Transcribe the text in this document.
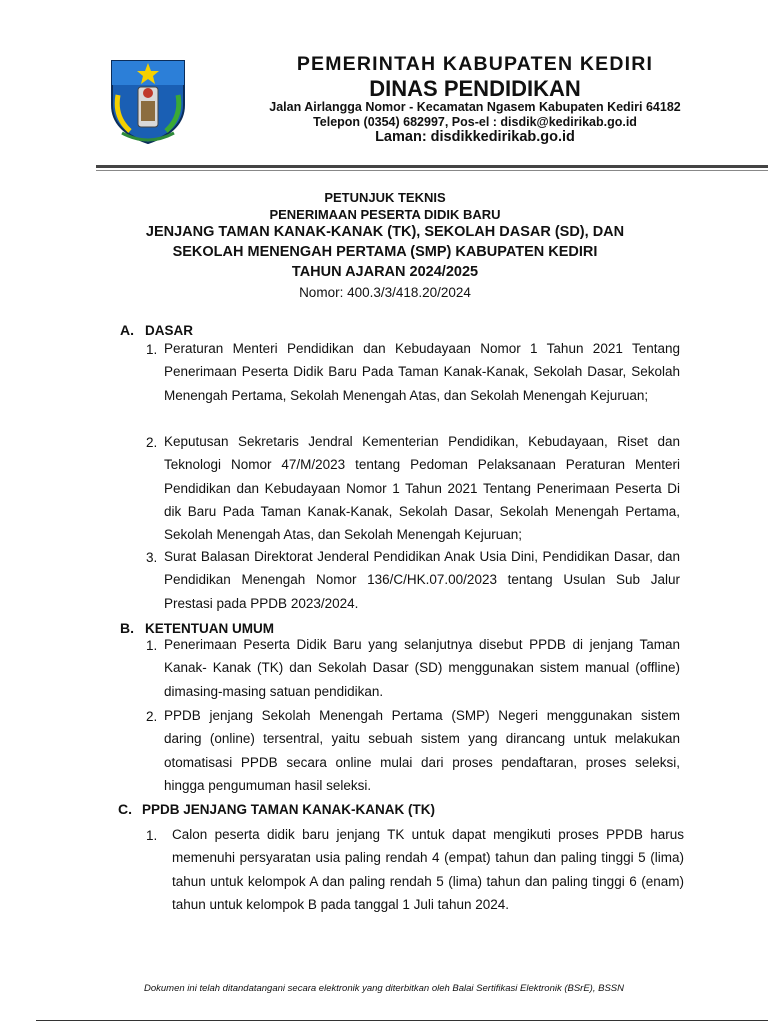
PEMERINTAH KABUPATEN KEDIRI
DINAS PENDIDIKAN
Jalan Airlangga Nomor - Kecamatan Ngasem Kabupaten Kediri 64182
Telepon (0354) 682997, Pos-el : disdik@kedirikab.go.id
Laman: disdikkedirikab.go.id
PETUNJUK TEKNIS
PENERIMAAN PESERTA DIDIK BARU
JENJANG TAMAN KANAK-KANAK (TK), SEKOLAH DASAR (SD), DAN
SEKOLAH MENENGAH PERTAMA (SMP) KABUPATEN KEDIRI
TAHUN AJARAN 2024/2025
Nomor: 400.3/3/418.20/2024
A. DASAR
1. Peraturan Menteri Pendidikan dan Kebudayaan Nomor 1 Tahun 2021 Tentang Penerimaan Peserta Didik Baru Pada Taman Kanak-Kanak, Sekolah Dasar, Sekolah Menengah Pertama, Sekolah Menengah Atas, dan Sekolah Menengah Kejuruan;

2. Keputusan Sekretaris Jendral Kementerian Pendidikan, Kebudayaan, Riset dan Teknologi Nomor 47/M/2023 tentang Pedoman Pelaksanaan Peraturan Menteri Pendidikan dan Kebudayaan Nomor 1 Tahun 2021 Tentang Penerimaan Peserta Di dik Baru Pada Taman Kanak-Kanak, Sekolah Dasar, Sekolah Menengah Pertama, Sekolah Menengah Atas, dan Sekolah Menengah Kejuruan;

3. Surat Balasan Direktorat Jenderal Pendidikan Anak Usia Dini, Pendidikan Dasar, dan Pendidikan Menengah Nomor 136/C/HK.07.00/2023 tentang Usulan Sub Jalur Prestasi pada PPDB 2023/2024.

B. KETENTUAN UMUM
1. Penerimaan Peserta Didik Baru yang selanjutnya disebut PPDB di jenjang Taman Kanak- Kanak (TK) dan Sekolah Dasar (SD) menggunakan sistem manual (offline) dimasing-masing satuan pendidikan.

2. PPDB jenjang Sekolah Menengah Pertama (SMP) Negeri menggunakan sistem daring (online) tersentral, yaitu sebuah sistem yang dirancang untuk melakukan otomatisasi PPDB secara online mulai dari proses pendaftaran, proses seleksi, hingga pengumuman hasil seleksi.

C. PPDB JENJANG TAMAN KANAK-KANAK (TK)
1. Calon peserta didik baru jenjang TK untuk dapat mengikuti proses PPDB harus memenuhi persyaratan usia paling rendah 4 (empat) tahun dan paling tinggi 5 (lima) tahun untuk kelompok A dan paling rendah 5 (lima) tahun dan paling tinggi 6 (enam) tahun untuk kelompok B pada tanggal 1 Juli tahun 2024.

Dokumen ini telah ditandatangani secara elektronik yang diterbitkan oleh Balai Sertifikasi Elektronik (BSrE), BSSN
